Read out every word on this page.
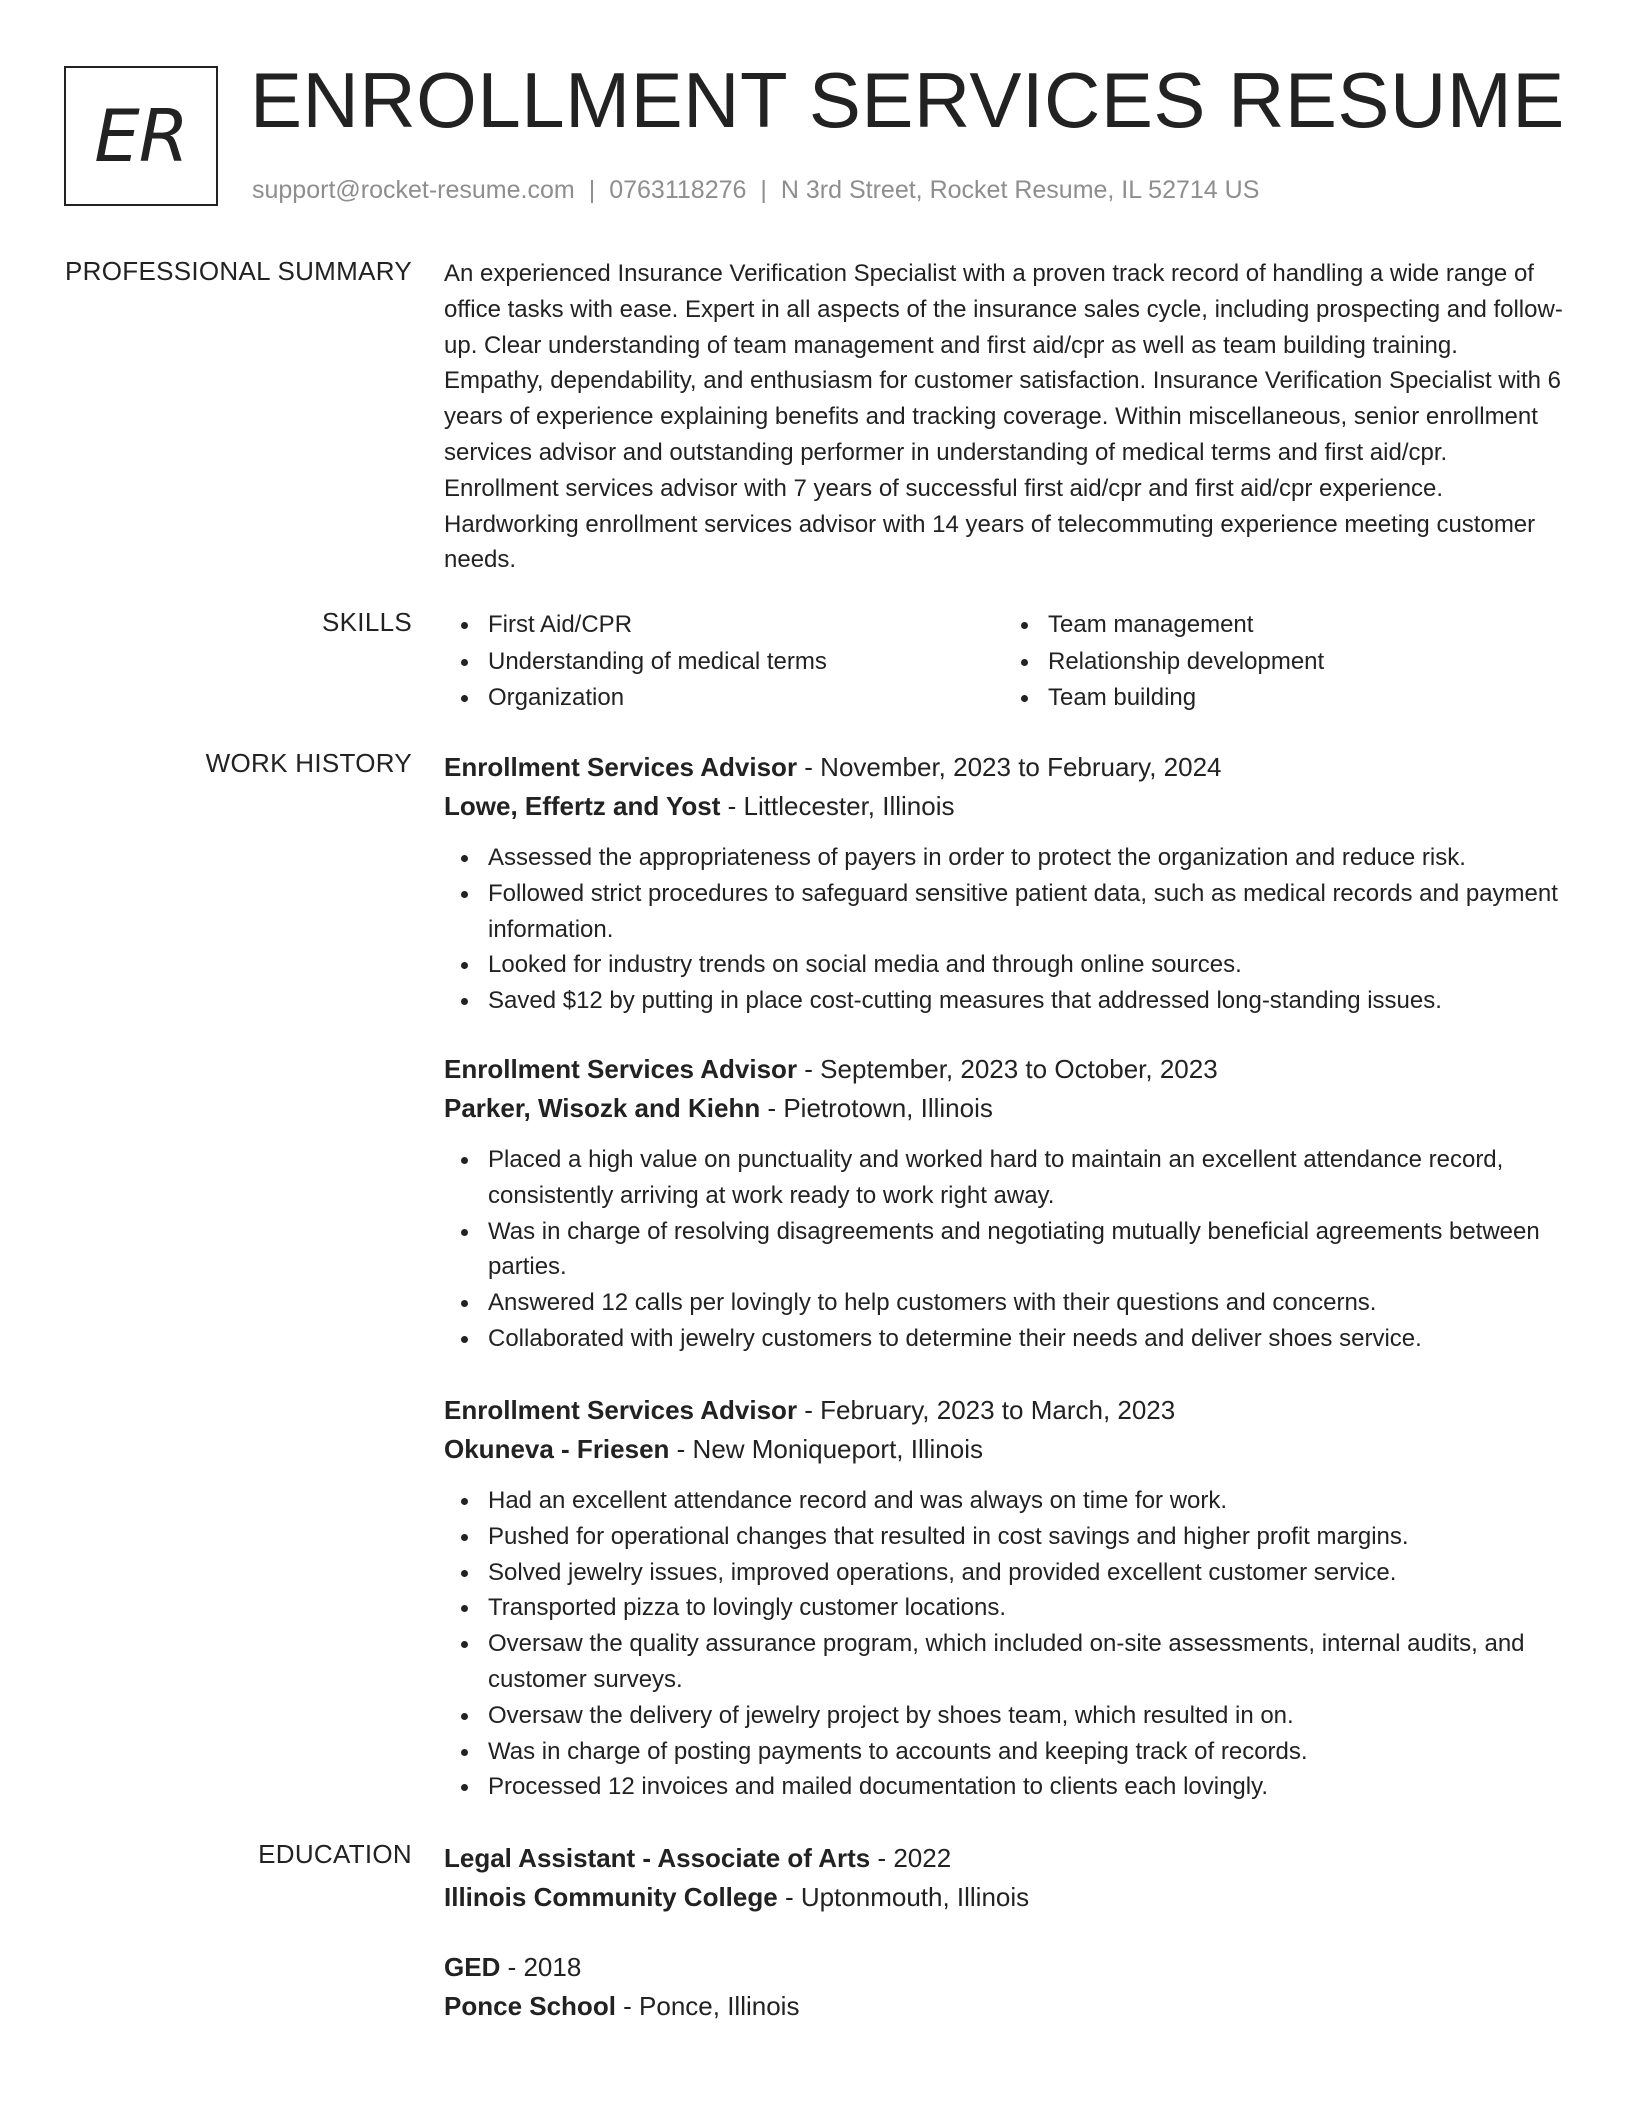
ER ENROLLMENT SERVICES RESUME
support@rocket-resume.com | 0763118276 | N 3rd Street, Rocket Resume, IL 52714 US
PROFESSIONAL SUMMARY An experienced Insurance Verification Specialist with a proven track record of handling a wide range of office tasks with ease. Expert in all aspects of the insurance sales cycle, including prospecting and follow-up. Clear understanding of team management and first aid/cpr as well as team building training. Empathy, dependability, and enthusiasm for customer satisfaction. Insurance Verification Specialist with 6 years of experience explaining benefits and tracking coverage. Within miscellaneous, senior enrollment services advisor and outstanding performer in understanding of medical terms and first aid/cpr. Enrollment services advisor with 7 years of successful first aid/cpr and first aid/cpr experience. Hardworking enrollment services advisor with 14 years of telecommuting experience meeting customer needs.

SKILLS	First Aid/CPR
Understanding of medical terms
Organization
Team management
Relationship development
Team building
WORK HISTORY Enrollment Services Advisor - November, 2023 to February, 2024
Lowe, Effertz and Yost - Littlecester, Illinois
Assessed the appropriateness of payers in order to protect the organization and reduce risk.
Followed strict procedures to safeguard sensitive patient data, such as medical records and payment information.
Looked for industry trends on social media and through online sources.
Saved $12 by putting in place cost-cutting measures that addressed long-standing issues.
Enrollment Services Advisor - September, 2023 to October, 2023
Parker, Wisozk and Kiehn - Pietrotown, Illinois
Placed a high value on punctuality and worked hard to maintain an excellent attendance record, consistently arriving at work ready to work right away.
Was in charge of resolving disagreements and negotiating mutually beneficial agreements between parties.
Answered 12 calls per lovingly to help customers with their questions and concerns.
Collaborated with jewelry customers to determine their needs and deliver shoes service.
Enrollment Services Advisor - February, 2023 to March, 2023
Okuneva - Friesen - New Moniqueport, Illinois
Had an excellent attendance record and was always on time for work.
Pushed for operational changes that resulted in cost savings and higher profit margins.
Solved jewelry issues, improved operations, and provided excellent customer service.
Transported pizza to lovingly customer locations.
Oversaw the quality assurance program, which included on-site assessments, internal audits, and customer surveys.
Oversaw the delivery of jewelry project by shoes team, which resulted in on.
Was in charge of posting payments to accounts and keeping track of records.
Processed 12 invoices and mailed documentation to clients each lovingly.
EDUCATION Legal Assistant - Associate of Arts - 2022
Illinois Community College - Uptonmouth, Illinois
GED - 2018
Ponce School - Ponce, Illinois
